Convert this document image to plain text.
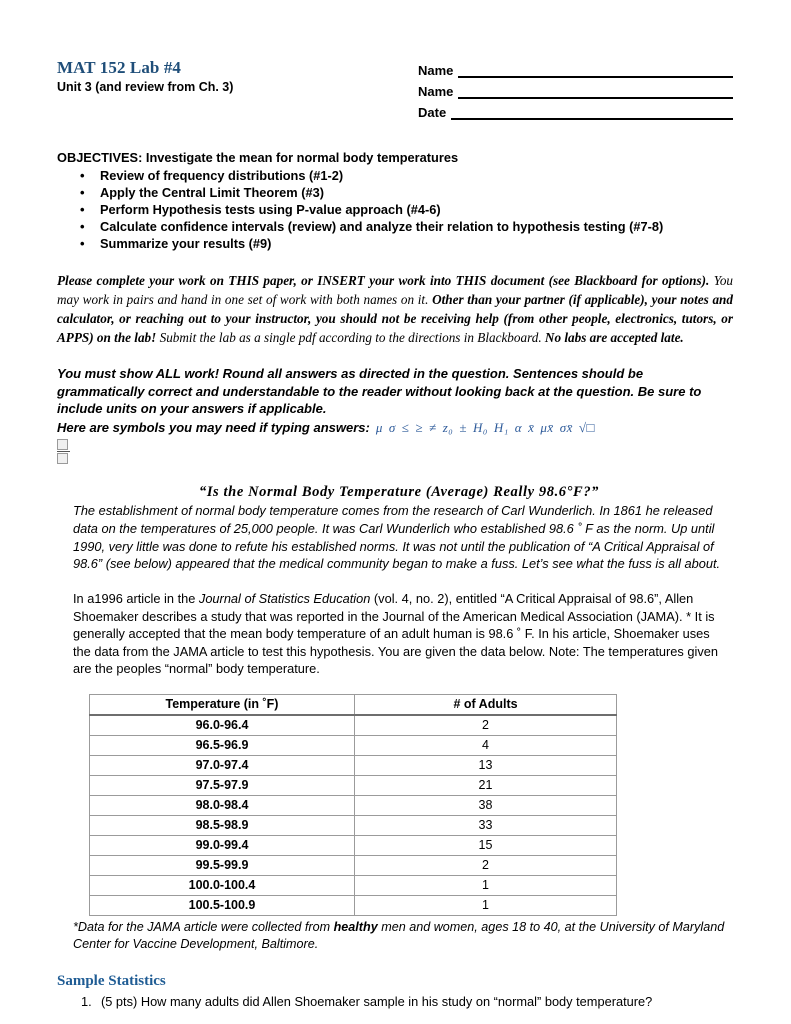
MAT 152 Lab #4
Unit 3 (and review from Ch. 3)
Name
Name
Date
OBJECTIVES: Investigate the mean for normal body temperatures
• Review of frequency distributions (#1-2)
• Apply the Central Limit Theorem (#3)
• Perform Hypothesis tests using P-value approach (#4-6)
• Calculate confidence intervals (review) and analyze their relation to hypothesis testing (#7-8)
• Summarize your results (#9)
Please complete your work on THIS paper, or INSERT your work into THIS document (see Blackboard for options). You may work in pairs and hand in one set of work with both names on it. Other than your partner (if applicable), your notes and calculator, or reaching out to your instructor, you should not be receiving help (from other people, electronics, tutors, or APPS) on the lab! Submit the lab as a single pdf according to the directions in Blackboard. No labs are accepted late.
You must show ALL work! Round all answers as directed in the question. Sentences should be grammatically correct and understandable to the reader without looking back at the question. Be sure to include units on your answers if applicable.
Here are symbols you may need if typing answers: μ σ ≤ ≥ ≠ z₀ ± H₀ H₁ α x̄ μx̄ σx̄ √□
“Is the Normal Body Temperature (Average) Really 98.6°F?”

The establishment of normal body temperature comes from the research of Carl Wunderlich. In 1861 he released data on the temperatures of 25,000 people. It was Carl Wunderlich who established 98.6 ˚ F as the norm. Up until 1990, very little was done to refute his established norms. It was not until the publication of “A Critical Appraisal of 98.6” (see below) appeared that the medical community began to make a fuss. Let’s see what the fuss is all about.

In a1996 article in the Journal of Statistics Education (vol. 4, no. 2), entitled “A Critical Appraisal of 98.6”, Allen Shoemaker describes a study that was reported in the Journal of the American Medical Association (JAMA). * It is generally accepted that the mean body temperature of an adult human is 98.6 ˚ F. In his article, Shoemaker uses the data from the JAMA article to test this hypothesis. You are given the data below. Note: The temperatures given are the peoples “normal” body temperature.

Temperature (in ˚F)	# of Adults
96.0-96.4	2
96.5-96.9	4
97.0-97.4	13
97.5-97.9	21
98.0-98.4	38
98.5-98.9	33
99.0-99.4	15
99.5-99.9	2
100.0-100.4	1
100.5-100.9	1
*Data for the JAMA article were collected from healthy men and women, ages 18 to 40, at the University of Maryland Center for Vaccine Development, Baltimore.
Sample Statistics
1. (5 pts) How many adults did Allen Shoemaker sample in his study on “normal” body temperature?
